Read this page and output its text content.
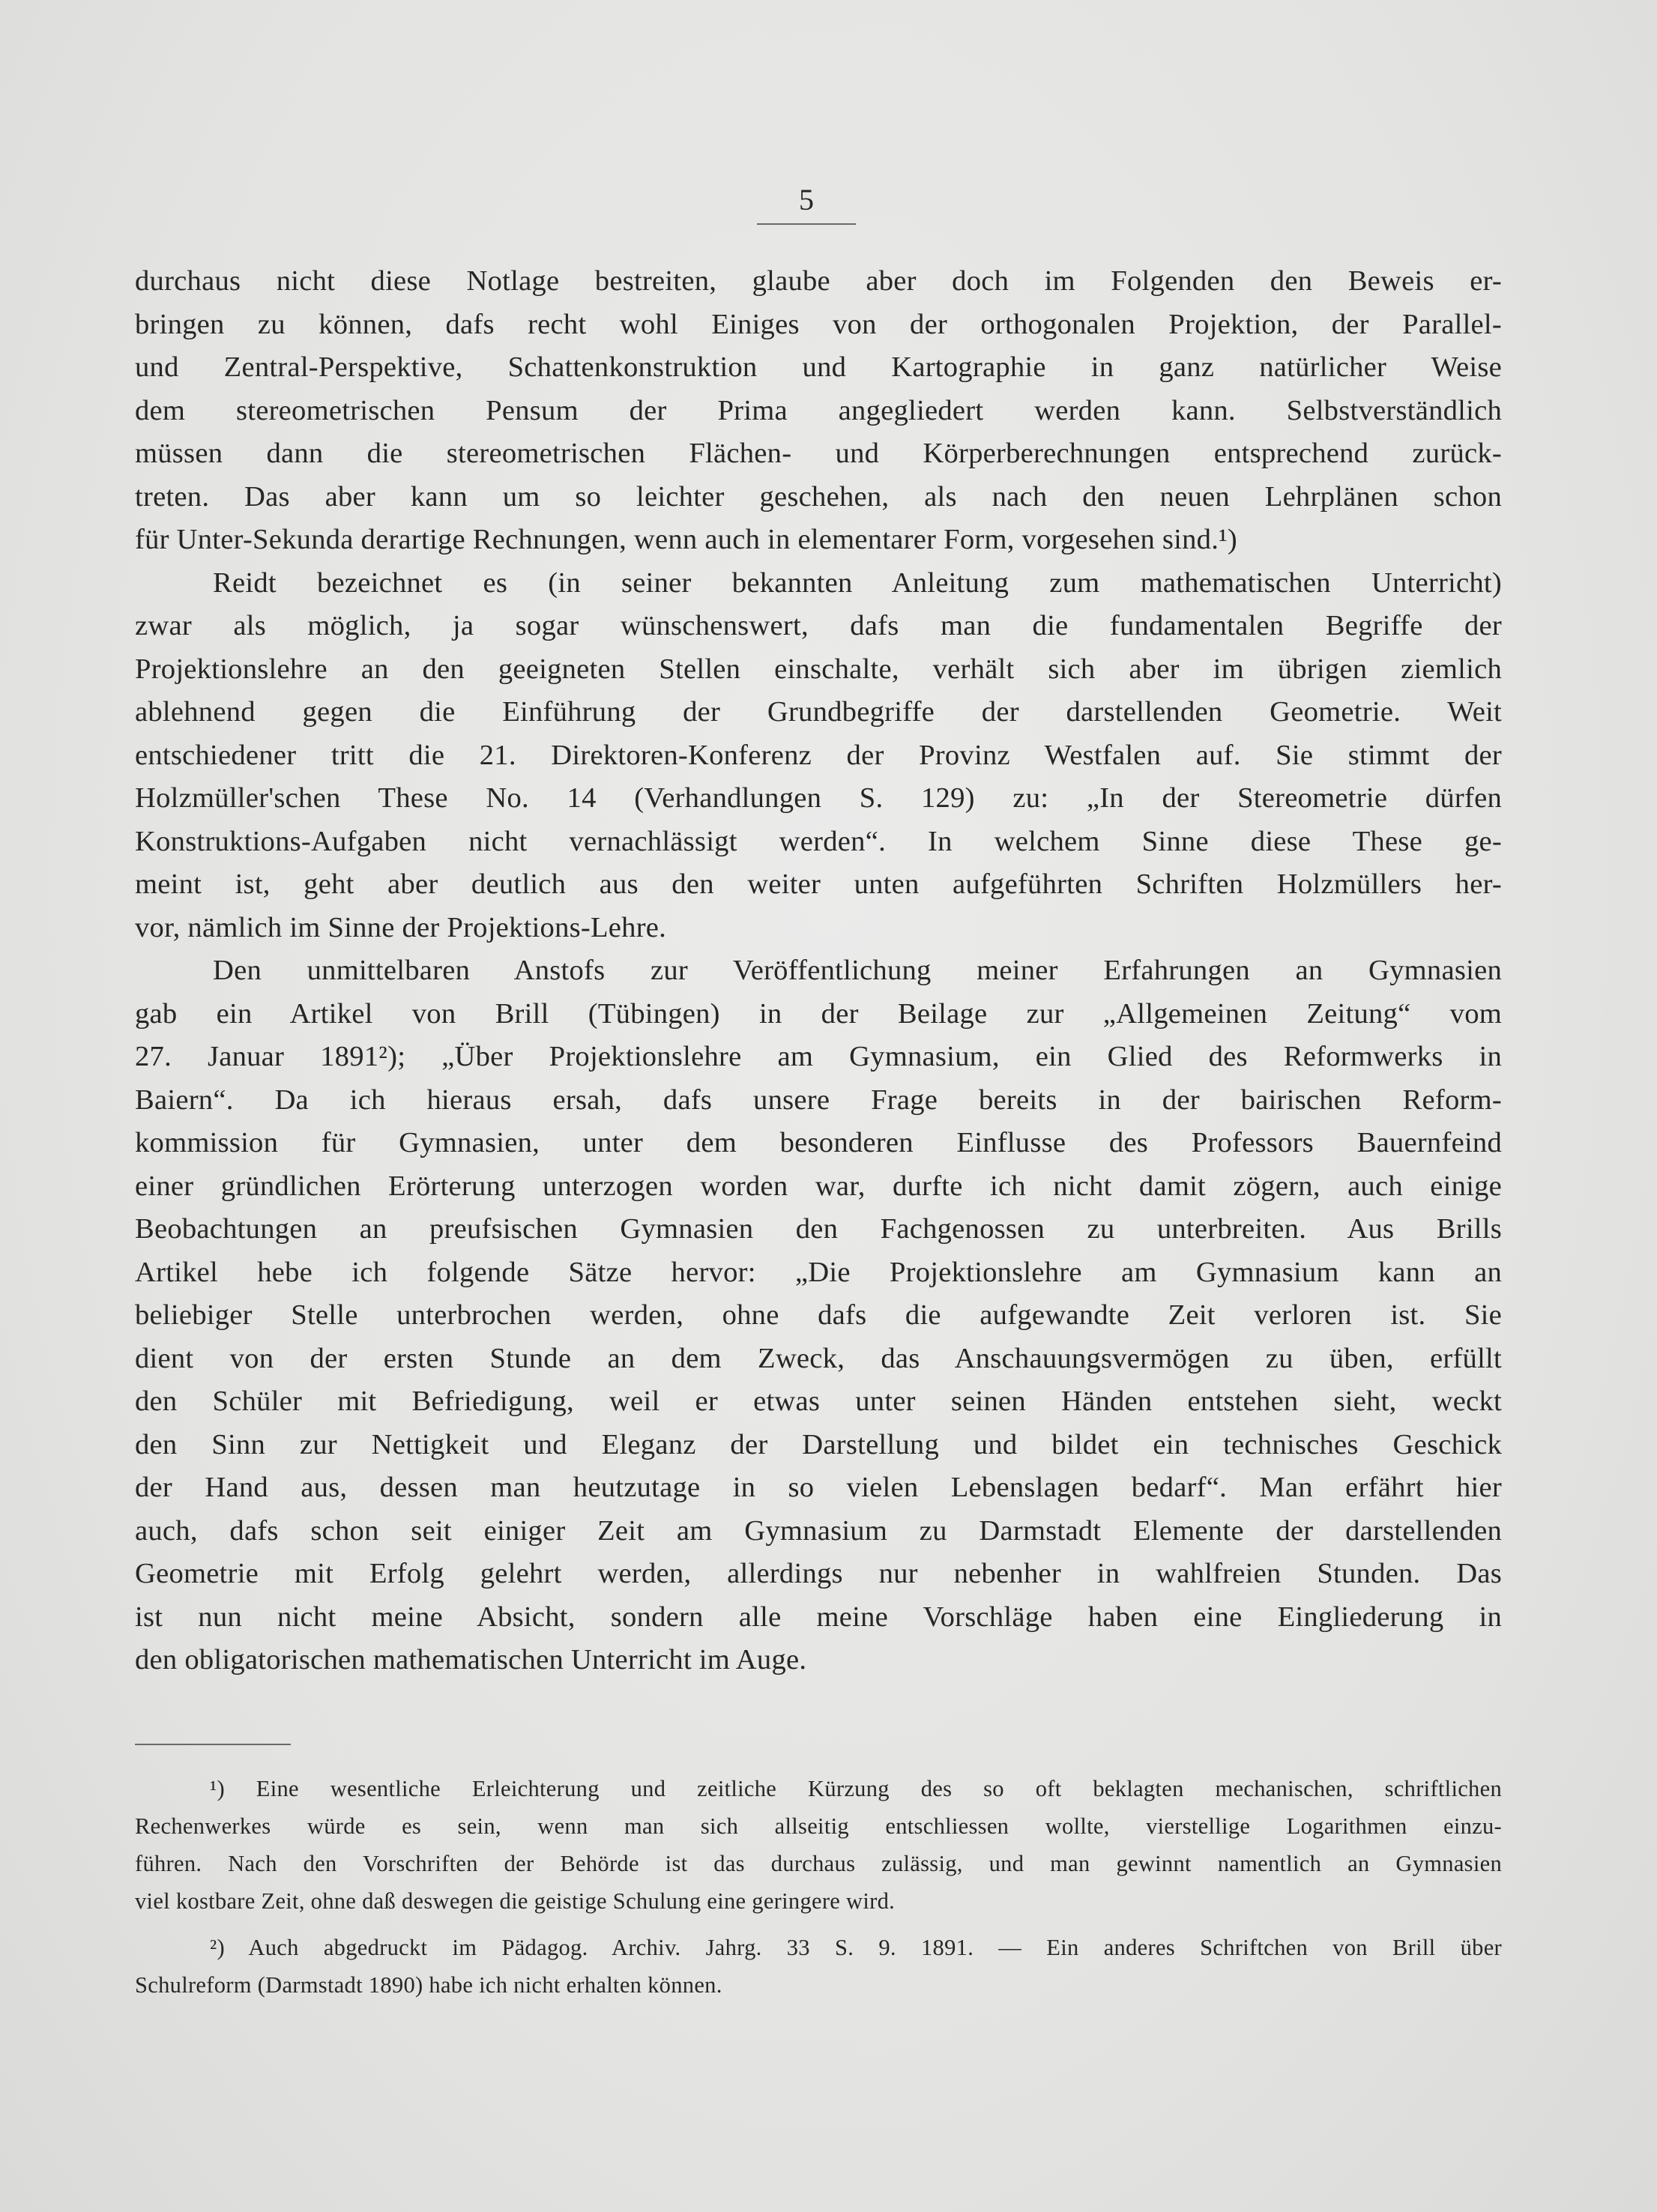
5

durchaus nicht diese Notlage bestreiten, glaube aber doch im Folgenden den Beweis er-
bringen zu können, dafs recht wohl Einiges von der orthogonalen Projektion, der Parallel-
und Zentral-Perspektive, Schattenkonstruktion und Kartographie in ganz natürlicher Weise
dem stereometrischen Pensum der Prima angegliedert werden kann. Selbstverständlich
müssen dann die stereometrischen Flächen- und Körperberechnungen entsprechend zurück-
treten. Das aber kann um so leichter geschehen, als nach den neuen Lehrplänen schon
für Unter-Sekunda derartige Rechnungen, wenn auch in elementarer Form, vorgesehen sind.¹)

Reidt bezeichnet es (in seiner bekannten Anleitung zum mathematischen Unterricht)
zwar als möglich, ja sogar wünschenswert, dafs man die fundamentalen Begriffe der
Projektionslehre an den geeigneten Stellen einschalte, verhält sich aber im übrigen ziemlich
ablehnend gegen die Einführung der Grundbegriffe der darstellenden Geometrie. Weit
entschiedener tritt die 21. Direktoren-Konferenz der Provinz Westfalen auf. Sie stimmt der
Holzmüller'schen These No. 14 (Verhandlungen S. 129) zu: „In der Stereometrie dürfen
Konstruktions-Aufgaben nicht vernachlässigt werden“. In welchem Sinne diese These ge-
meint ist, geht aber deutlich aus den weiter unten aufgeführten Schriften Holzmüllers her-
vor, nämlich im Sinne der Projektions-Lehre.

Den unmittelbaren Anstofs zur Veröffentlichung meiner Erfahrungen an Gymnasien
gab ein Artikel von Brill (Tübingen) in der Beilage zur „Allgemeinen Zeitung“ vom
27. Januar 1891²); „Über Projektionslehre am Gymnasium, ein Glied des Reformwerks in
Baiern“. Da ich hieraus ersah, dafs unsere Frage bereits in der bairischen Reform-
kommission für Gymnasien, unter dem besonderen Einflusse des Professors Bauernfeind
einer gründlichen Erörterung unterzogen worden war, durfte ich nicht damit zögern, auch einige
Beobachtungen an preufsischen Gymnasien den Fachgenossen zu unterbreiten. Aus Brills
Artikel hebe ich folgende Sätze hervor: „Die Projektionslehre am Gymnasium kann an
beliebiger Stelle unterbrochen werden, ohne dafs die aufgewandte Zeit verloren ist. Sie
dient von der ersten Stunde an dem Zweck, das Anschauungsvermögen zu üben, erfüllt
den Schüler mit Befriedigung, weil er etwas unter seinen Händen entstehen sieht, weckt
den Sinn zur Nettigkeit und Eleganz der Darstellung und bildet ein technisches Geschick
der Hand aus, dessen man heutzutage in so vielen Lebenslagen bedarf“. Man erfährt hier
auch, dafs schon seit einiger Zeit am Gymnasium zu Darmstadt Elemente der darstellenden
Geometrie mit Erfolg gelehrt werden, allerdings nur nebenher in wahlfreien Stunden. Das
ist nun nicht meine Absicht, sondern alle meine Vorschläge haben eine Eingliederung in
den obligatorischen mathematischen Unterricht im Auge.

¹) Eine wesentliche Erleichterung und zeitliche Kürzung des so oft beklagten mechanischen, schriftlichen
Rechenwerkes würde es sein, wenn man sich allseitig entschliessen wollte, vierstellige Logarithmen einzu-
führen. Nach den Vorschriften der Behörde ist das durchaus zulässig, und man gewinnt namentlich an Gymnasien
viel kostbare Zeit, ohne daß deswegen die geistige Schulung eine geringere wird.

²) Auch abgedruckt im Pädagog. Archiv. Jahrg. 33 S. 9. 1891. — Ein anderes Schriftchen von Brill über
Schulreform (Darmstadt 1890) habe ich nicht erhalten können.
